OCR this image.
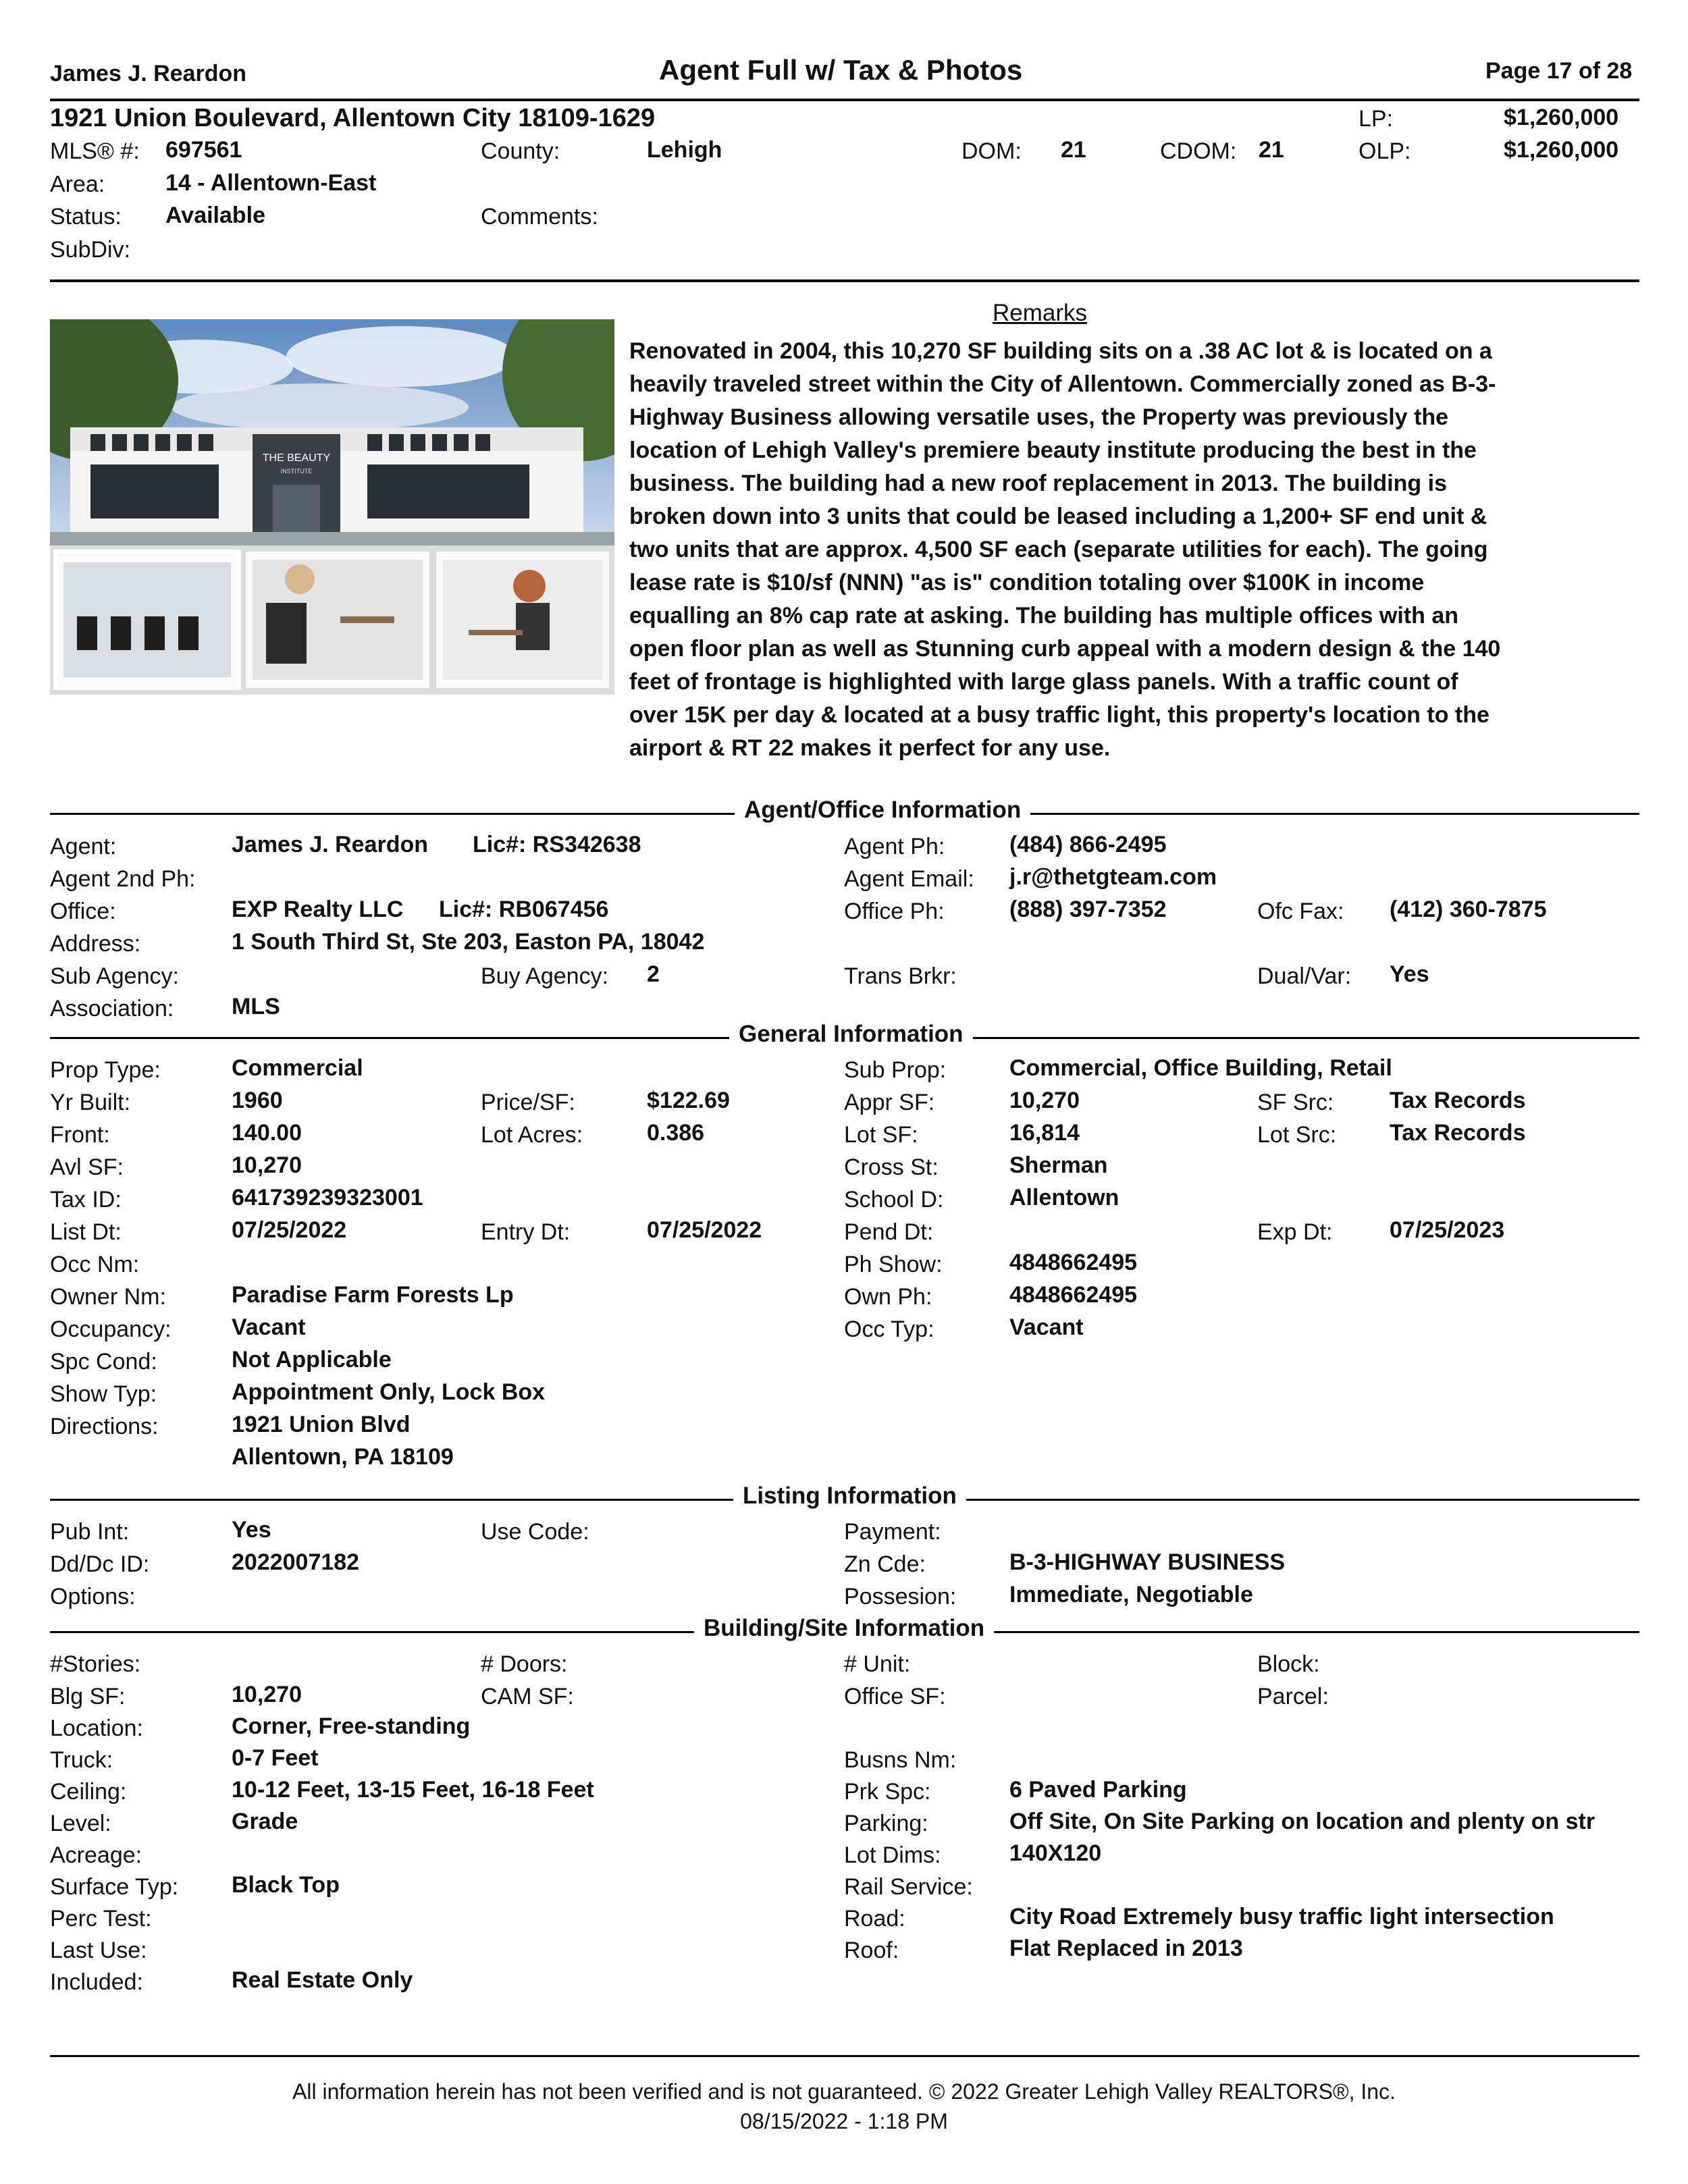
James J. Reardon	Agent Full w/ Tax & Photos	Page 17 of 28
1921 Union Boulevard, Allentown City 18109-1629	LP:	$1,260,000
MLS® #: 697561	County:	Lehigh	DOM: 21	CDOM: 21	OLP:	$1,260,000
Area:	14 - Allentown-East
Status: Available	Comments:
SubDiv:
THE BEAUTY
INSTITUTE
Remarks
Renovated in 2004, this 10,270 SF building sits on a .38 AC lot & is located on a heavily traveled street within the City of Allentown. Commercially zoned as B-3-Highway Business allowing versatile uses, the Property was previously the location of Lehigh Valley's premiere beauty institute producing the best in the business. The building had a new roof replacement in 2013. The building is broken down into 3 units that could be leased including a 1,200+ SF end unit & two units that are approx. 4,500 SF each (separate utilities for each). The going lease rate is $10/sf (NNN) "as is" condition totaling over $100K in income equalling an 8% cap rate at asking. The building has multiple offices with an open floor plan as well as Stunning curb appeal with a modern design & the 140 feet of frontage is highlighted with large glass panels. With a traffic count of over 15K per day & located at a busy traffic light, this property's location to the airport & RT 22 makes it perfect for any use.
Agent/Office Information
Agent:	James J. Reardon Lic#: RS342638	Agent Ph:	(484) 866-2495
Agent 2nd Ph:	Agent Email: j.r@thetgteam.com
Office:	EXP Realty LLC Lic#: RB067456	Office Ph:	(888) 397-7352	Ofc Fax: (412) 360-7875
Address:	1 South Third St, Ste 203, Easton PA, 18042
Sub Agency:	Buy Agency: 2	Trans Brkr:	Dual/Var: Yes
Association:	MLS
General Information
Prop Type:	Commercial	Sub Prop:	Commercial, Office Building, Retail
Yr Built:	1960	Price/SF:	$122.69	Appr SF:	10,270	SF Src: Tax Records
Front:	140.00	Lot Acres:	0.386	Lot SF:	16,814	Lot Src: Tax Records
Avl SF:	10,270	Cross St:	Sherman
Tax ID:	641739239323001	School D:	Allentown
List Dt:	07/25/2022	Entry Dt:	07/25/2022	Pend Dt:	Exp Dt: 07/25/2023
Occ Nm:	Ph Show:	4848662495
Owner Nm:	Paradise Farm Forests Lp	Own Ph:	4848662495
Occupancy:	Vacant	Occ Typ:	Vacant
Spc Cond:	Not Applicable
Show Typ:	Appointment Only, Lock Box
Directions:	1921 Union Blvd
Allentown, PA 18109
Listing Information
Pub Int:	Yes	Use Code:	Payment:
Dd/Dc ID:	2022007182	Zn Cde:	B-3-HIGHWAY BUSINESS
Options:	Possesion: Immediate, Negotiable
Building/Site Information
#Stories:	# Doors:	# Unit:	Block:
Blg SF:	10,270	CAM SF:	Office SF:	Parcel:
Location:	Corner, Free-standing
Truck:	0-7 Feet	Busns Nm:
Ceiling:	10-12 Feet, 13-15 Feet, 16-18 Feet	Prk Spc:	6 Paved Parking
Level:	Grade	Parking:	Off Site, On Site Parking on location and plenty on str
Acreage:	Lot Dims:	140X120
Surface Typ: Black Top	Rail Service:
Perc Test:	Road:	City Road Extremely busy traffic light intersection
Last Use:	Roof:	Flat Replaced in 2013
Included:	Real Estate Only
All information herein has not been verified and is not guaranteed. © 2022 Greater Lehigh Valley REALTORS®, Inc.
08/15/2022 - 1:18 PM
